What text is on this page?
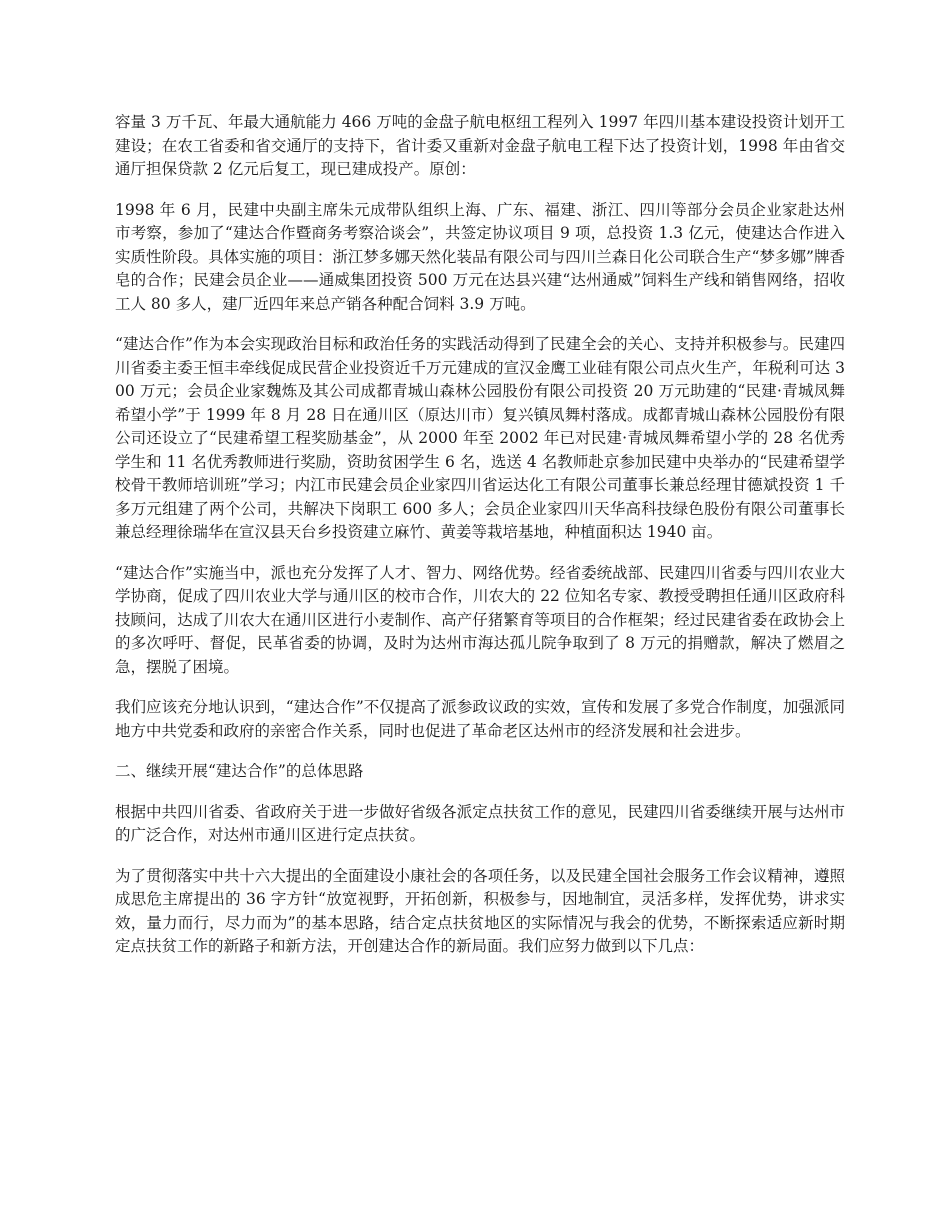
容量 3 万千瓦、年最大通航能力 466 万吨的金盘子航电枢纽工程列入 1997 年四川基本建设投资计划开工建设；在农工省委和省交通厅的支持下，省计委又重新对金盘子航电工程下达了投资计划，1998 年由省交通厅担保贷款 2 亿元后复工，现已建成投产。原创：

1998 年 6 月，民建中央副主席朱元成带队组织上海、广东、福建、浙江、四川等部分会员企业家赴达州市考察，参加了“建达合作暨商务考察洽谈会”，共签定协议项目 9 项，总投资 1.3 亿元，使建达合作进入实质性阶段。具体实施的项目：浙江梦多娜天然化装品有限公司与四川兰森日化公司联合生产“梦多娜”牌香皂的合作；民建会员企业——通威集团投资 500 万元在达县兴建“达州通威”饲料生产线和销售网络，招收工人 80 多人，建厂近四年来总产销各种配合饲料 3.9 万吨。

“建达合作”作为本会实现政治目标和政治任务的实践活动得到了民建全会的关心、支持并积极参与。民建四川省委主委王恒丰牵线促成民营企业投资近千万元建成的宣汉金鹰工业硅有限公司点火生产，年税利可达 300 万元；会员企业家魏炼及其公司成都青城山森林公园股份有限公司投资 20 万元助建的“民建·青城凤舞希望小学”于 1999 年 8 月 28 日在通川区（原达川市）复兴镇凤舞村落成。成都青城山森林公园股份有限公司还设立了“民建希望工程奖励基金”，从 2000 年至 2002 年已对民建·青城凤舞希望小学的 28 名优秀学生和 11 名优秀教师进行奖励，资助贫困学生 6 名，选送 4 名教师赴京参加民建中央举办的“民建希望学校骨干教师培训班”学习；内江市民建会员企业家四川省运达化工有限公司董事长兼总经理甘德斌投资 1 千多万元组建了两个公司，共解决下岗职工 600 多人；会员企业家四川天华高科技绿色股份有限公司董事长兼总经理徐瑞华在宣汉县天台乡投资建立麻竹、黄姜等栽培基地，种植面积达 1940 亩。

“建达合作”实施当中，派也充分发挥了人才、智力、网络优势。经省委统战部、民建四川省委与四川农业大学协商，促成了四川农业大学与通川区的校市合作，川农大的 22 位知名专家、教授受聘担任通川区政府科技顾问，达成了川农大在通川区进行小麦制作、高产仔猪繁育等项目的合作框架；经过民建省委在政协会上的多次呼吁、督促，民革省委的协调，及时为达州市海达孤儿院争取到了 8 万元的捐赠款，解决了燃眉之急，摆脱了困境。

我们应该充分地认识到，“建达合作”不仅提高了派参政议政的实效，宣传和发展了多党合作制度，加强派同地方中共党委和政府的亲密合作关系，同时也促进了革命老区达州市的经济发展和社会进步。

二、继续开展“建达合作”的总体思路

根据中共四川省委、省政府关于进一步做好省级各派定点扶贫工作的意见，民建四川省委继续开展与达州市的广泛合作，对达州市通川区进行定点扶贫。

为了贯彻落实中共十六大提出的全面建设小康社会的各项任务，以及民建全国社会服务工作会议精神，遵照成思危主席提出的 36 字方针“放宽视野，开拓创新，积极参与，因地制宜，灵活多样，发挥优势，讲求实效，量力而行，尽力而为”的基本思路，结合定点扶贫地区的实际情况与我会的优势，不断探索适应新时期定点扶贫工作的新路子和新方法，开创建达合作的新局面。我们应努力做到以下几点：
